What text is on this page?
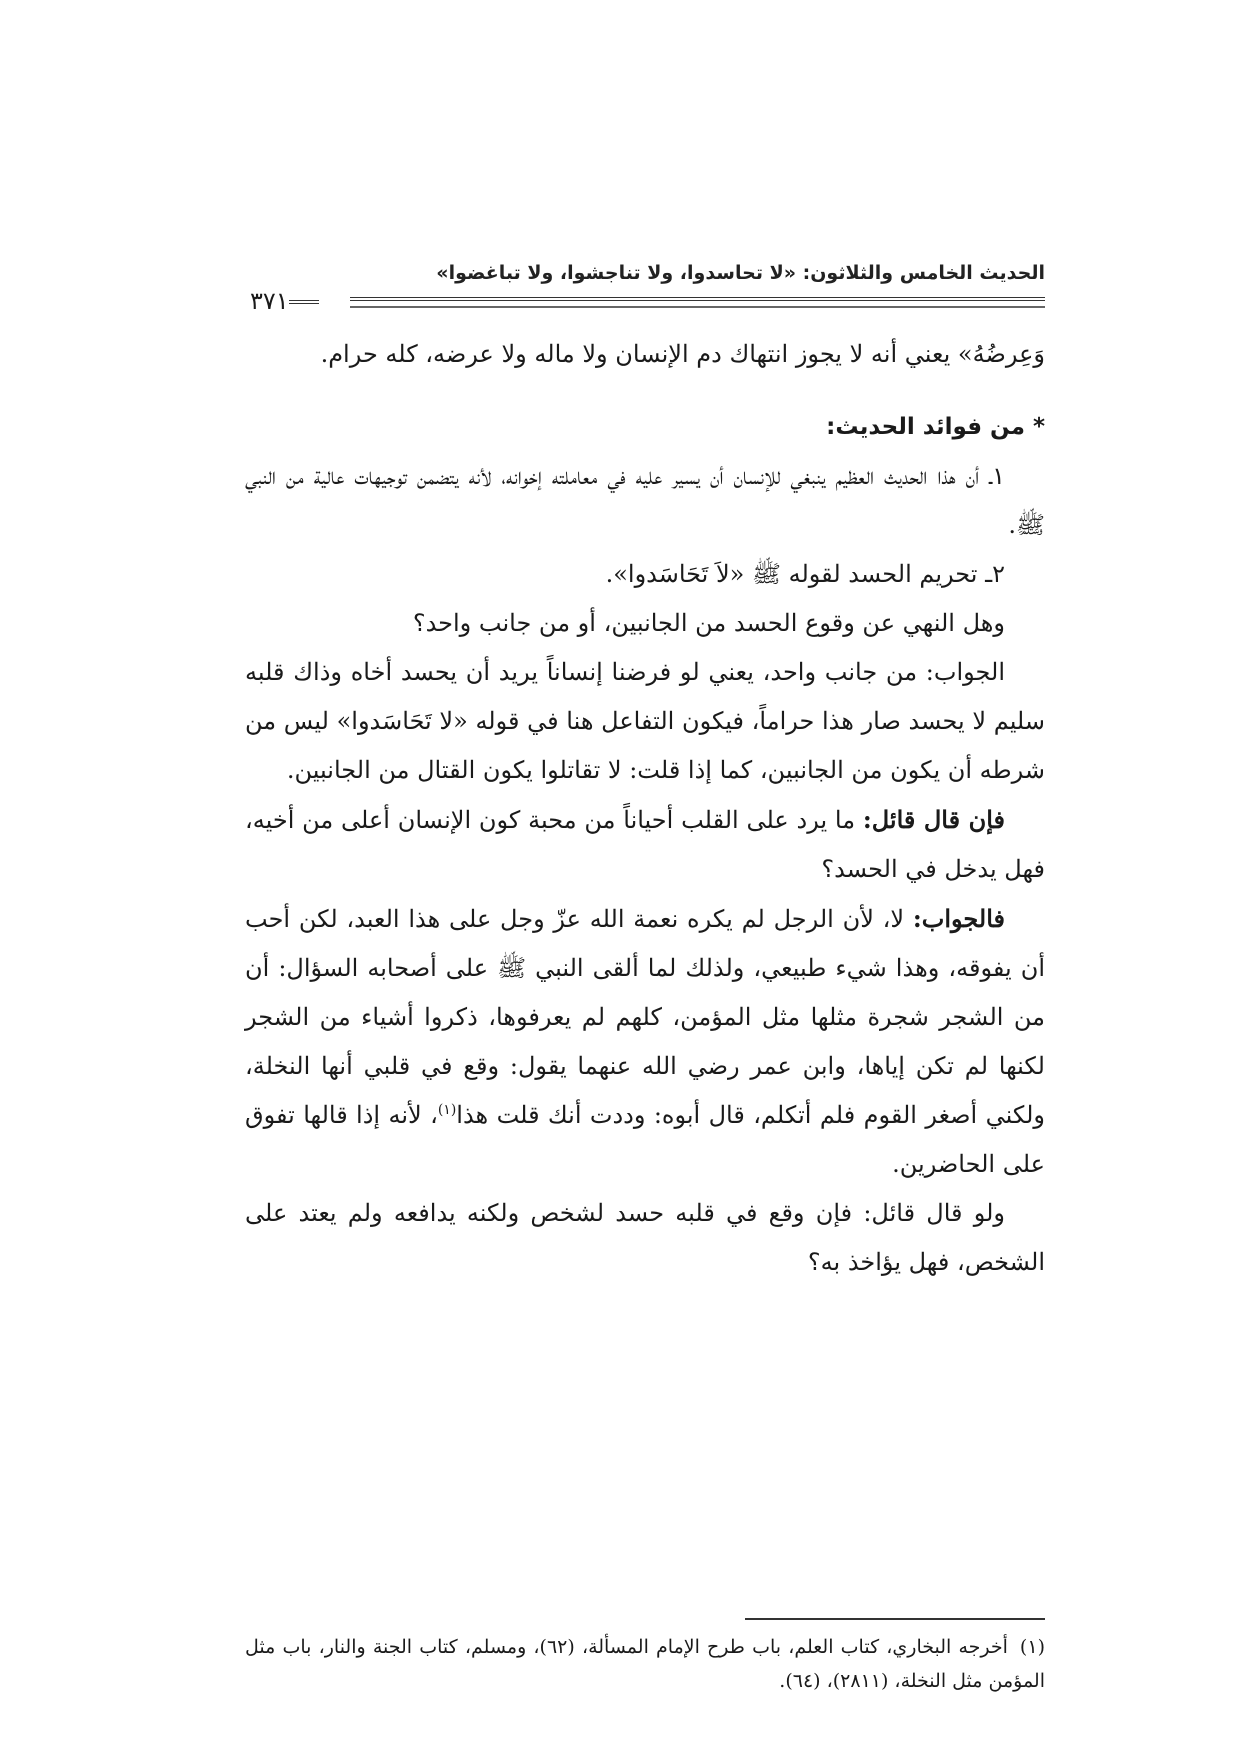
الحديث الخامس والثلاثون: «لا تحاسدوا، ولا تناجشوا، ولا تباغضوا»
٣٧١

وَعِرضُهُ» يعني أنه لا يجوز انتهاك دم الإنسان ولا ماله ولا عرضه، كله حرام.

* من فوائد الحديث:

١ـ أن هذا الحديث العظيم ينبغي للإنسان أن يسير عليه في معاملته إخوانه، لأنه يتضمن توجيهات عالية من النبي ﷺ.

٢ـ تحريم الحسد لقوله ﷺ «لاَ تَحَاسَدوا».

وهل النهي عن وقوع الحسد من الجانبين، أو من جانب واحد؟

الجواب: من جانب واحد، يعني لو فرضنا إنساناً يريد أن يحسد أخاه وذاك قلبه سليم لا يحسد صار هذا حراماً، فيكون التفاعل هنا في قوله «لا تَحَاسَدوا» ليس من شرطه أن يكون من الجانبين، كما إذا قلت: لا تقاتلوا يكون القتال من الجانبين.

فإن قال قائل: ما يرد على القلب أحياناً من محبة كون الإنسان أعلى من أخيه، فهل يدخل في الحسد؟

فالجواب: لا، لأن الرجل لم يكره نعمة الله عزّ وجل على هذا العبد، لكن أحب أن يفوقه، وهذا شيء طبيعي، ولذلك لما ألقى النبي ﷺ على أصحابه السؤال: أن من الشجر شجرة مثلها مثل المؤمن، كلهم لم يعرفوها، ذكروا أشياء من الشجر لكنها لم تكن إياها، وابن عمر رضي الله عنهما يقول: وقع في قلبي أنها النخلة، ولكني أصغر القوم فلم أتكلم، قال أبوه: وددت أنك قلت هذا$^{(١)}$، لأنه إذا قالها تفوق على الحاضرين.

ولو قال قائل: فإن وقع في قلبه حسد لشخص ولكنه يدافعه ولم يعتد على الشخص، فهل يؤاخذ به؟

(١)أخرجه البخاري، كتاب العلم، باب طرح الإمام المسألة، (٦٢)، ومسلم، كتاب الجنة والنار، باب مثل المؤمن مثل النخلة، (٢٨١١)، (٦٤).
